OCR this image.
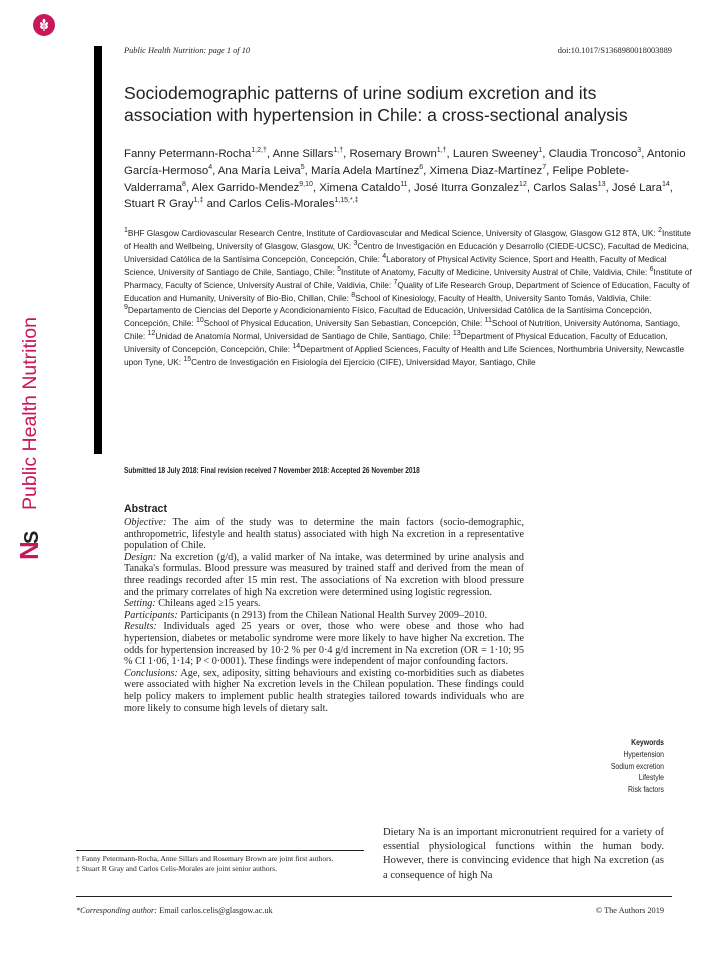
N
S
Public Health Nutrition
Public Health Nutrition: page 1 of 10	doi:10.1017/S1368980018003889
Sociodemographic patterns of urine sodium excretion and its association with hypertension in Chile: a cross-sectional analysis
Fanny Petermann-Rocha$^{1,2,\dagger}$, Anne Sillars$^{1,\dagger}$, Rosemary Brown$^{1,\dagger}$, Lauren Sweeney$^1$, Claudia Troncoso$^3$, Antonio García-Hermoso$^4$, Ana María Leiva$^5$, María Adela Martínez$^6$, Ximena Diaz-Martínez$^7$, Felipe Poblete-Valderrama$^8$, Alex Garrido-Mendez$^{9,10}$, Ximena Cataldo$^{11}$, José Iturra Gonzalez$^{12}$, Carlos Salas$^{13}$, José Lara$^{14}$, Stuart R Gray$^{1,\ddagger}$ and Carlos Celis-Morales$^{1,15,*,\ddagger}$
$^1$BHF Glasgow Cardiovascular Research Centre, Institute of Cardiovascular and Medical Science, University of Glasgow, Glasgow G12 8TA, UK: $^2$Institute of Health and Wellbeing, University of Glasgow, Glasgow, UK: $^3$Centro de Investigación en Educación y Desarrollo (CIEDE-UCSC), Facultad de Medicina, Universidad Católica de la Santísima Concepción, Concepción, Chile: $^4$Laboratory of Physical Activity Science, Sport and Health, Faculty of Medical Science, University of Santiago de Chile, Santiago, Chile: $^5$Institute of Anatomy, Faculty of Medicine, University Austral of Chile, Valdivia, Chile: $^6$Institute of Pharmacy, Faculty of Science, University Austral of Chile, Valdivia, Chile: $^7$Quality of Life Research Group, Department of Science of Education, Faculty of Education and Humanity, University of Bio-Bio, Chillan, Chile: $^8$School of Kinesiology, Faculty of Health, University Santo Tomás, Valdivia, Chile: $^9$Departamento de Ciencias del Deporte y Acondicionamiento Físico, Facultad de Educación, Universidad Católica de la Santísima Concepción, Concepción, Chile: $^{10}$School of Physical Education, University San Sebastian, Concepción, Chile: $^{11}$School of Nutrition, University Autónoma, Santiago, Chile: $^{12}$Unidad de Anatomía Normal, Universidad de Santiago de Chile, Santiago, Chile: $^{13}$Department of Physical Education, Faculty of Education, University of Concepción, Concepción, Chile: $^{14}$Department of Applied Sciences, Faculty of Health and Life Sciences, Northumbria University, Newcastle upon Tyne, UK: $^{15}$Centro de Investigación en Fisiología del Ejercicio (CIFE), Universidad Mayor, Santiago, Chile
Submitted 18 July 2018: Final revision received 7 November 2018: Accepted 26 November 2018
Abstract

Objective: The aim of the study was to determine the main factors (socio-demographic, anthropometric, lifestyle and health status) associated with high Na excretion in a representative population of Chile.

Design: Na excretion (g/d), a valid marker of Na intake, was determined by urine analysis and Tanaka's formulas. Blood pressure was measured by trained staff and derived from the mean of three readings recorded after 15 min rest. The associations of Na excretion with blood pressure and the primary correlates of high Na excretion were determined using logistic regression.

Setting: Chileans aged ≥15 years.

Participants: Participants (n 2913) from the Chilean National Health Survey 2009–2010.

Results: Individuals aged 25 years or over, those who were obese and those who had hypertension, diabetes or metabolic syndrome were more likely to have higher Na excretion. The odds for hypertension increased by 10·2 % per 0·4 g/d increment in Na excretion (OR = 1·10; 95 % CI 1·06, 1·14; P < 0·0001). These findings were independent of major confounding factors.

Conclusions: Age, sex, adiposity, sitting behaviours and existing co-morbidities such as diabetes were associated with higher Na excretion levels in the Chilean population. These findings could help policy makers to implement public health strategies tailored towards individuals who are more likely to consume high levels of dietary salt.

Keywords
Hypertension
Sodium excretion
Lifestyle
Risk factors
Dietary Na is an important micronutrient required for a variety of essential physiological functions within the human body. However, there is convincing evidence that high Na excretion (as a consequence of high Na
† Fanny Petermann-Rocha, Anne Sillars and Rosemary Brown are joint first authors.
‡ Stuart R Gray and Carlos Celis-Morales are joint senior authors.
*Corresponding author: Email carlos.celis@glasgow.ac.uk	© The Authors 2019
